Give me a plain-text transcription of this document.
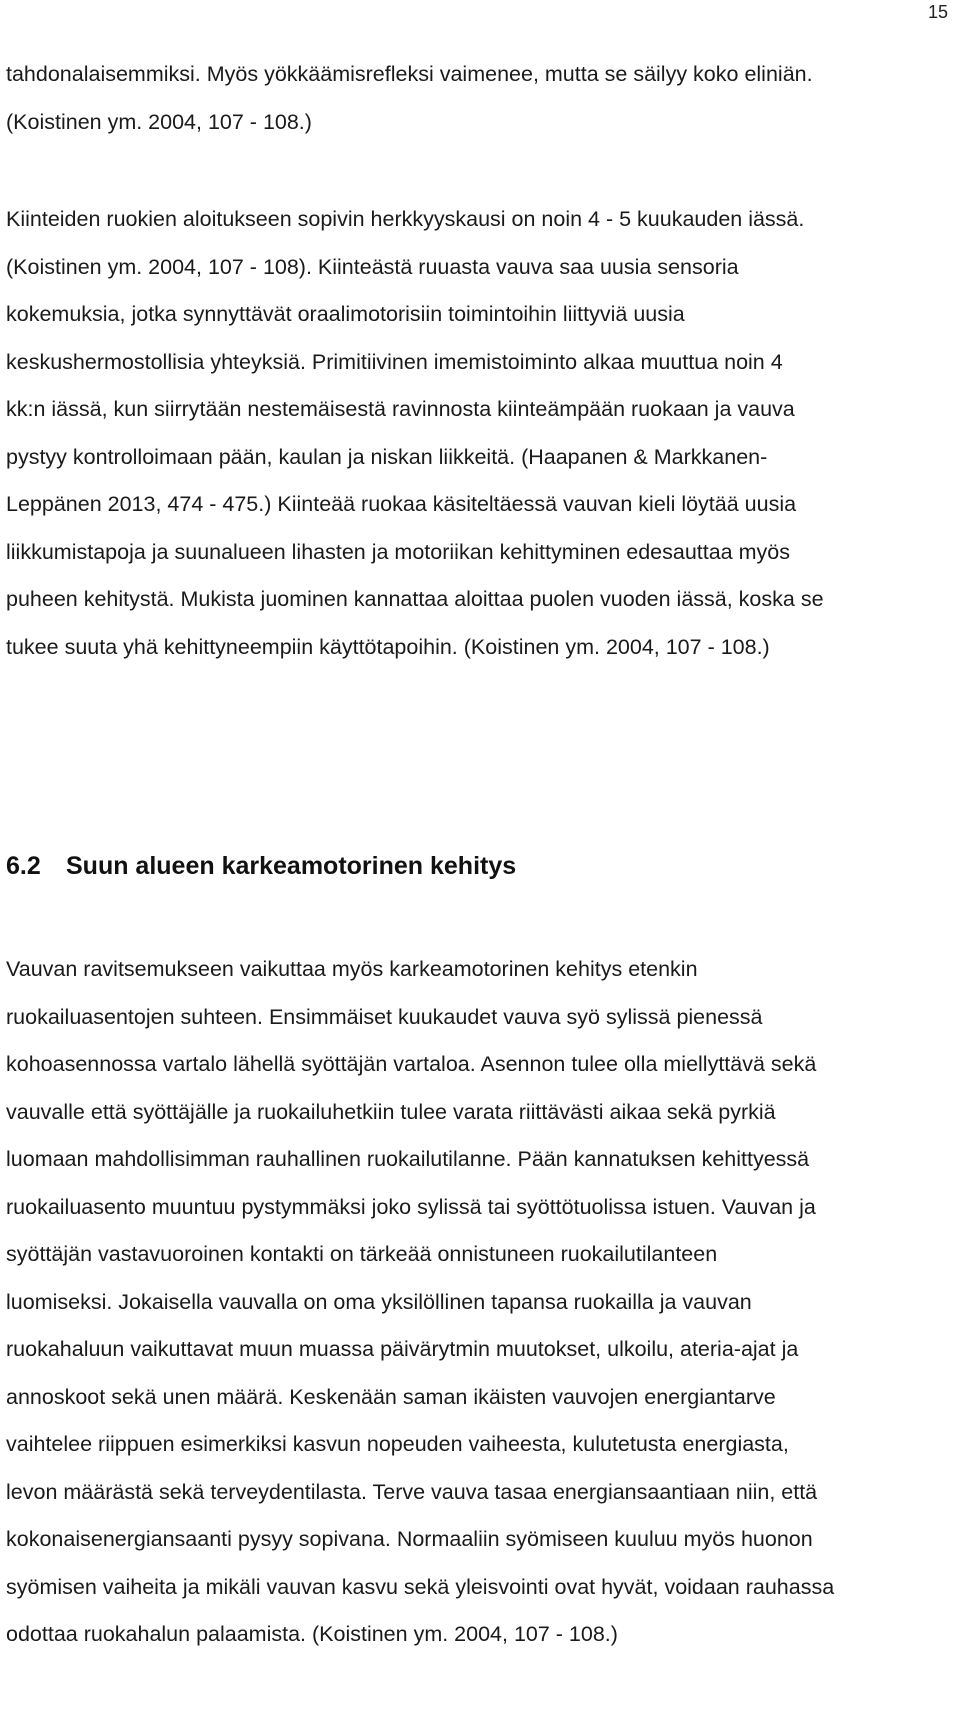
15
tahdonalaisemmiksi. Myös yökkäämisrefleksi vaimenee, mutta se säilyy koko eliniän.
(Koistinen ym. 2004, 107 - 108.)
Kiinteiden ruokien aloitukseen sopivin herkkyyskausi on noin 4 - 5 kuukauden iässä.
(Koistinen ym. 2004, 107 - 108). Kiinteästä ruuasta vauva saa uusia sensoria
kokemuksia, jotka synnyttävät oraalimotorisiin toimintoihin liittyviä uusia
keskushermostollisia yhteyksiä. Primitiivinen imemistoiminto alkaa muuttua noin 4
kk:n iässä, kun siirrytään nestemäisestä ravinnosta kiinteämpään ruokaan ja vauva
pystyy kontrolloimaan pään, kaulan ja niskan liikkeitä. (Haapanen & Markkanen-
Leppänen 2013, 474 - 475.) Kiinteää ruokaa käsiteltäessä vauvan kieli löytää uusia
liikkumistapoja ja suunalueen lihasten ja motoriikan kehittyminen edesauttaa myös
puheen kehitystä. Mukista juominen kannattaa aloittaa puolen vuoden iässä, koska se
tukee suuta yhä kehittyneempiin käyttötapoihin. (Koistinen ym. 2004, 107 - 108.)
6.2 Suun alueen karkeamotorinen kehitys
Vauvan ravitsemukseen vaikuttaa myös karkeamotorinen kehitys etenkin
ruokailuasentojen suhteen. Ensimmäiset kuukaudet vauva syö sylissä pienessä
kohoasennossa vartalo lähellä syöttäjän vartaloa. Asennon tulee olla miellyttävä sekä
vauvalle että syöttäjälle ja ruokailuhetkiin tulee varata riittävästi aikaa sekä pyrkiä
luomaan mahdollisimman rauhallinen ruokailutilanne. Pään kannatuksen kehittyessä
ruokailuasento muuntuu pystymmäksi joko sylissä tai syöttötuolissa istuen. Vauvan ja
syöttäjän vastavuoroinen kontakti on tärkeää onnistuneen ruokailutilanteen
luomiseksi. Jokaisella vauvalla on oma yksilöllinen tapansa ruokailla ja vauvan
ruokahaluun vaikuttavat muun muassa päivärytmin muutokset, ulkoilu, ateria-ajat ja
annoskoot sekä unen määrä. Keskenään saman ikäisten vauvojen energiantarve
vaihtelee riippuen esimerkiksi kasvun nopeuden vaiheesta, kulutetusta energiasta,
levon määrästä sekä terveydentilasta. Terve vauva tasaa energiansaantiaan niin, että
kokonaisenergiansaanti pysyy sopivana. Normaaliin syömiseen kuuluu myös huonon
syömisen vaiheita ja mikäli vauvan kasvu sekä yleisvointi ovat hyvät, voidaan rauhassa
odottaa ruokahalun palaamista. (Koistinen ym. 2004, 107 - 108.)
